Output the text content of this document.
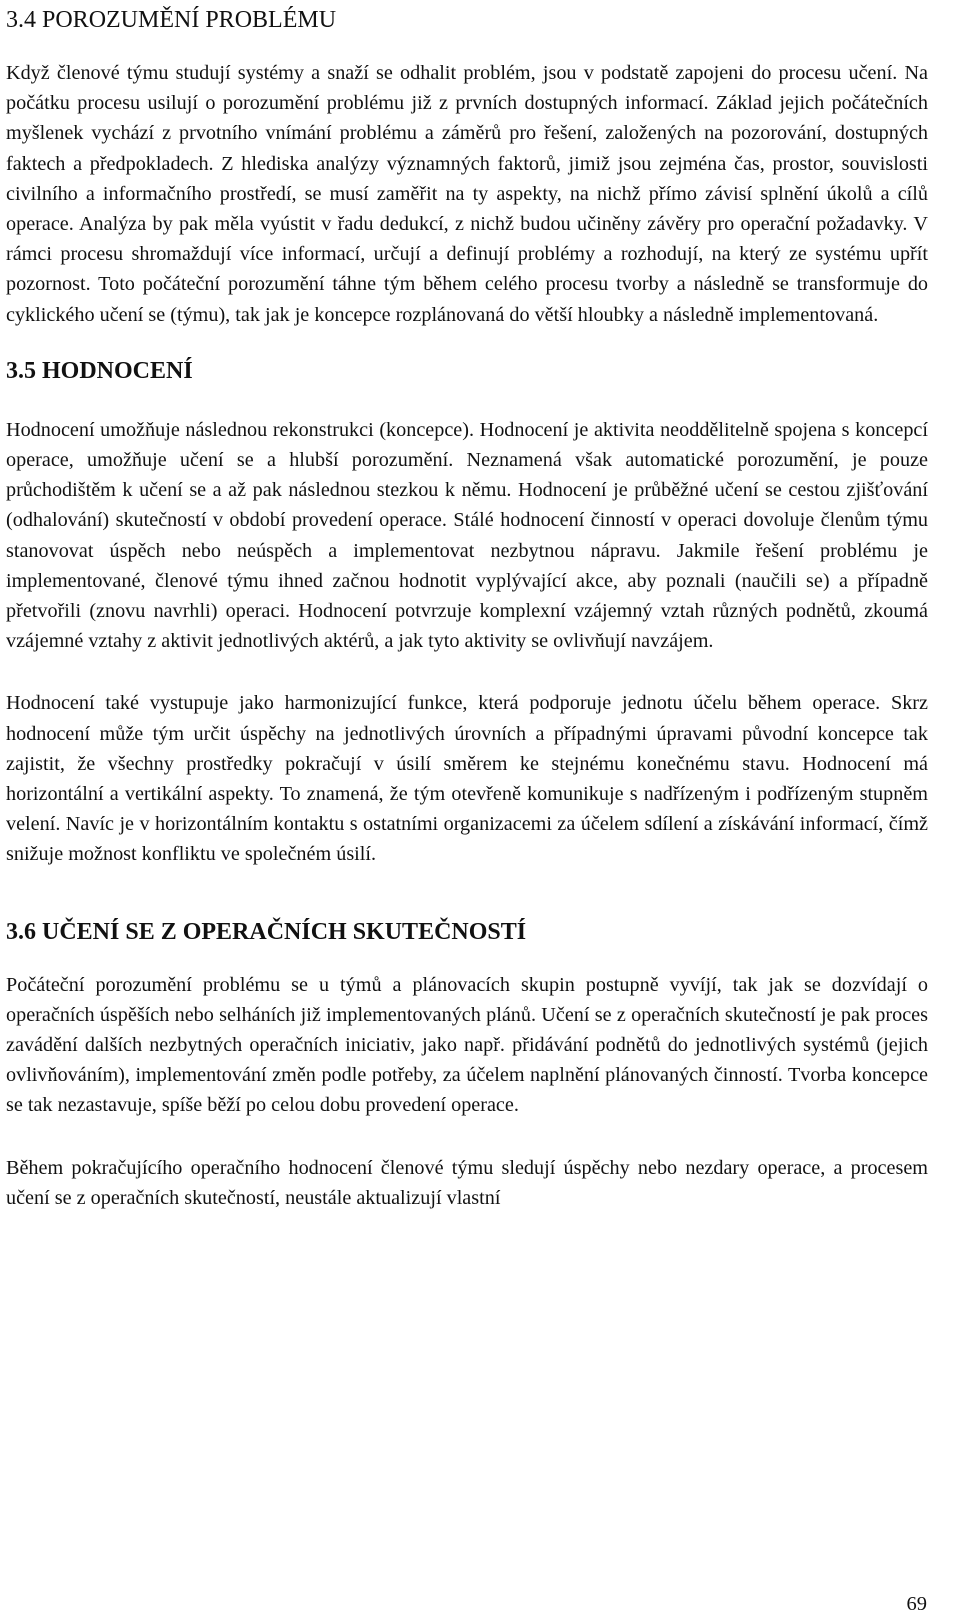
3.4 POROZUMĚNÍ PROBLÉMU

Když členové týmu studují systémy a snaží se odhalit problém, jsou v podstatě zapojeni do procesu učení. Na počátku procesu usilují o porozumění problému již z prvních dostupných informací. Základ jejich počátečních myšlenek vychází z prvotního vnímání problému a záměrů pro řešení, založených na pozorování, dostupných faktech a předpokladech. Z hlediska analýzy významných faktorů, jimiž jsou zejména čas, prostor, souvislosti civilního a informačního prostředí, se musí zaměřit na ty aspekty, na nichž přímo závisí splnění úkolů a cílů operace. Analýza by pak měla vyústit v řadu dedukcí, z nichž budou učiněny závěry pro operační požadavky. V rámci procesu shromaždují více informací, určují a definují problémy a rozhodují, na který ze systému upřít pozornost. Toto počáteční porozumění táhne tým během celého procesu tvorby a následně se transformuje do cyklického učení se (týmu), tak jak je koncepce rozplánovaná do větší hloubky a následně implementovaná.

3.5 HODNOCENÍ

Hodnocení umožňuje následnou rekonstrukci (koncepce). Hodnocení je aktivita neoddělitelně spojena s koncepcí operace, umožňuje učení se a hlubší porozumění. Neznamená však automatické porozumění, je pouze průchodištěm k učení se a až pak následnou stezkou k němu. Hodnocení je průběžné učení se cestou zjišťování (odhalování) skutečností v období provedení operace. Stálé hodnocení činností v operaci dovoluje členům týmu stanovovat úspěch nebo neúspěch a implementovat nezbytnou nápravu. Jakmile řešení problému je implementované, členové týmu ihned začnou hodnotit vyplývající akce, aby poznali (naučili se) a případně přetvořili (znovu navrhli) operaci. Hodnocení potvrzuje komplexní vzájemný vztah různých podnětů, zkoumá vzájemné vztahy z aktivit jednotlivých aktérů, a jak tyto aktivity se ovlivňují navzájem.

Hodnocení také vystupuje jako harmonizující funkce, která podporuje jednotu účelu během operace. Skrz hodnocení může tým určit úspěchy na jednotlivých úrovních a případnými úpravami původní koncepce tak zajistit, že všechny prostředky pokračují v úsilí směrem ke stejnému konečnému stavu. Hodnocení má horizontální a vertikální aspekty. To znamená, že tým otevřeně komunikuje s nadřízeným i podřízeným stupněm velení. Navíc je v horizontálním kontaktu s ostatními organizacemi za účelem sdílení a získávání informací, čímž snižuje možnost konfliktu ve společném úsilí.

3.6 UČENÍ SE Z OPERAČNÍCH SKUTEČNOSTÍ

Počáteční porozumění problému se u týmů a plánovacích skupin postupně vyvíjí, tak jak se dozvídají o operačních úspěších nebo selháních již implementovaných plánů. Učení se z operačních skutečností je pak proces zavádění dalších nezbytných operačních iniciativ, jako např. přidávání podnětů do jednotlivých systémů (jejich ovlivňováním), implementování změn podle potřeby, za účelem naplnění plánovaných činností. Tvorba koncepce se tak nezastavuje, spíše běží po celou dobu provedení operace.

Během pokračujícího operačního hodnocení členové týmu sledují úspěchy nebo nezdary operace, a procesem učení se z operačních skutečností, neustále aktualizují vlastní

69
